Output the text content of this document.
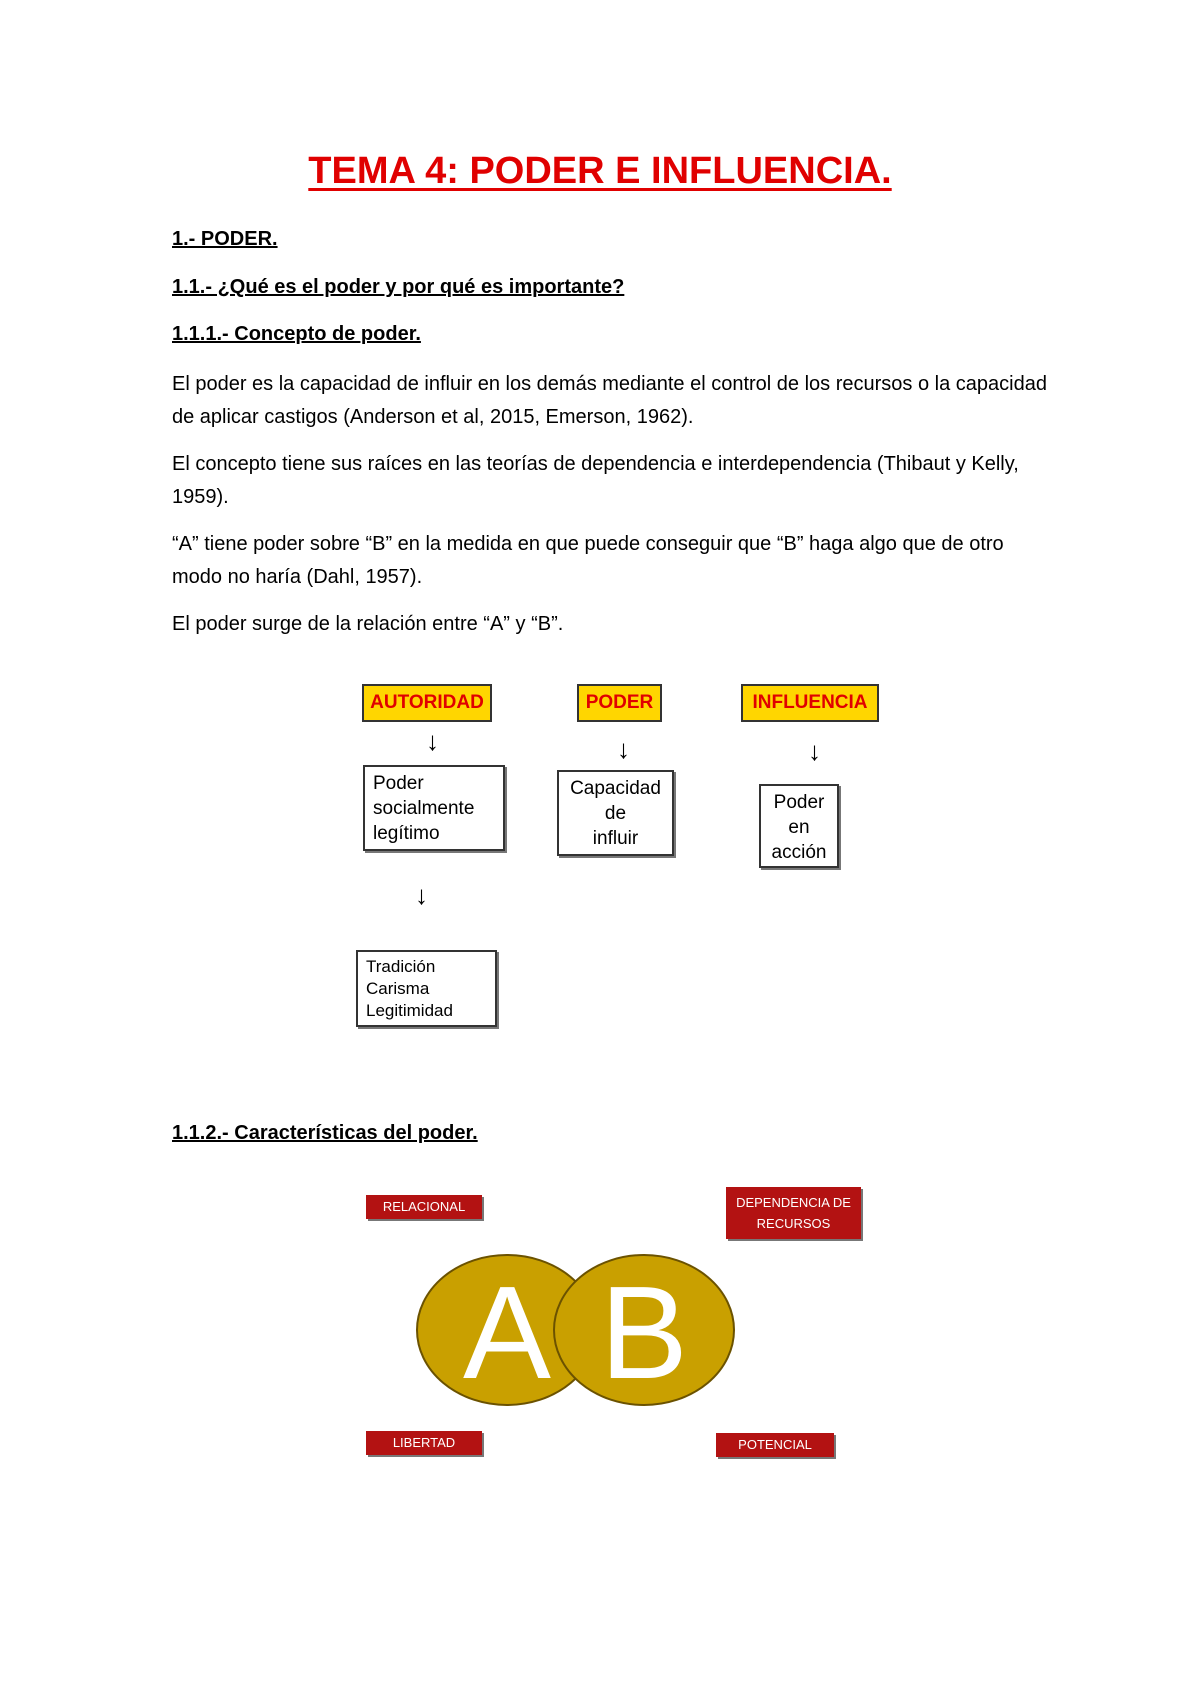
TEMA 4: PODER E INFLUENCIA.
1.- PODER.
1.1.- ¿Qué es el poder y por qué es importante?
1.1.1.- Concepto de poder.
El poder es la capacidad de influir en los demás mediante el control de los recursos o la capacidad de aplicar castigos (Anderson et al, 2015, Emerson, 1962).
El concepto tiene sus raíces en las teorías de dependencia e interdependencia (Thibaut y Kelly, 1959).
“A” tiene poder sobre “B” en la medida en que puede conseguir que “B” haga algo que de otro modo no haría (Dahl, 1957).
El poder surge de la relación entre “A” y “B”.
AUTORIDAD	PODER	INFLUENCIA
↓	↓	↓
Poder
socialmente
legítimo
Capacidad
de
influir
Poder
en
acción
↓
Tradición
Carisma
Legitimidad
1.1.2.- Características del poder.
RELACIONAL	DEPENDENCIA DE
RECURSOS
LIBERTAD	POTENCIAL
A B
